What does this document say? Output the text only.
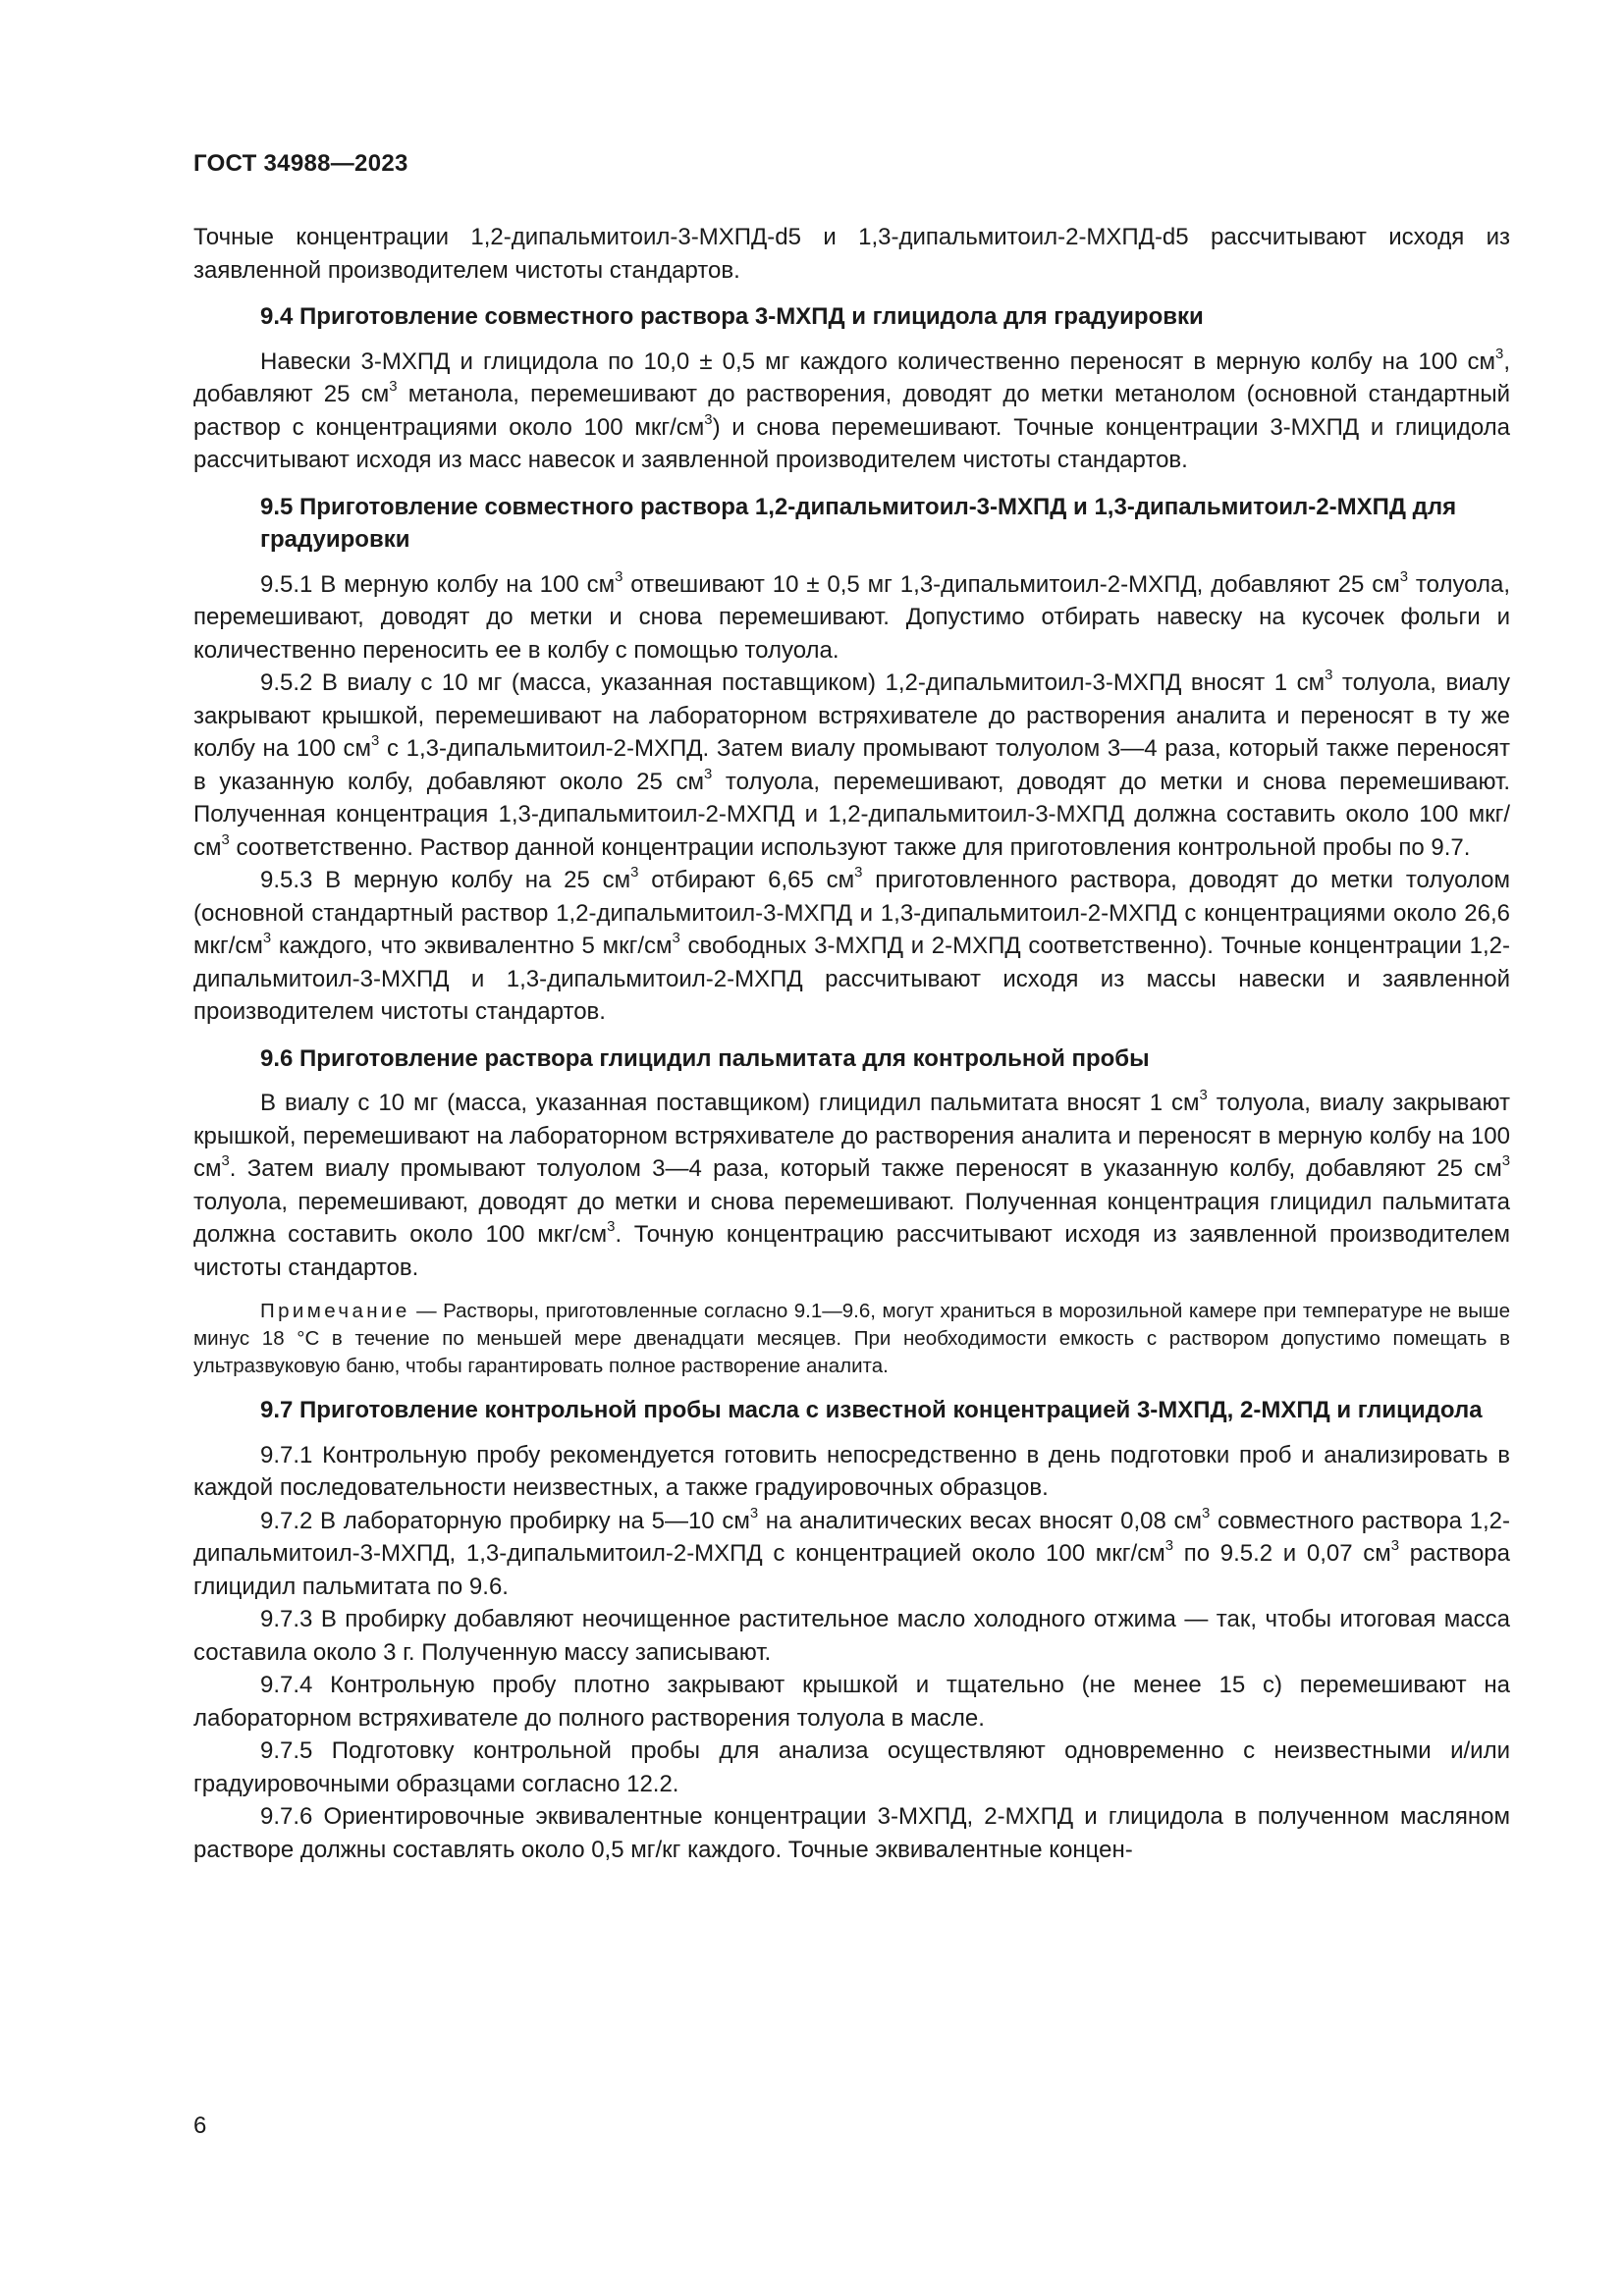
ГОСТ 34988—2023

Точные концентрации 1,2-дипальмитоил-3-МХПД-d5 и 1,3-дипальмитоил-2-МХПД-d5 рассчитывают исходя из заявленной производителем чистоты стандартов.

9.4 Приготовление совместного раствора 3-МХПД и глицидола для градуировки

Навески 3-МХПД и глицидола по 10,0 ± 0,5 мг каждого количественно переносят в мерную колбу на 100 $см^3$, добавляют 25 $см^3$ метанола, перемешивают до растворения, доводят до метки метанолом (основной стандартный раствор с концентрациями около 100 мкг/$см^3$) и снова перемешивают. Точные концентрации 3-МХПД и глицидола рассчитывают исходя из масс навесок и заявленной производителем чистоты стандартов.

9.5 Приготовление совместного раствора 1,2-дипальмитоил-3-МХПД и 1,3-дипальмитоил-2-МХПД для градуировки

9.5.1 В мерную колбу на 100 $см^3$ отвешивают 10 ± 0,5 мг 1,3-дипальмитоил-2-МХПД, добавляют 25 $см^3$ толуола, перемешивают, доводят до метки и снова перемешивают. Допустимо отбирать навеску на кусочек фольги и количественно переносить ее в колбу с помощью толуола.

9.5.2 В виалу с 10 мг (масса, указанная поставщиком) 1,2-дипальмитоил-3-МХПД вносят 1 $см^3$ толуола, виалу закрывают крышкой, перемешивают на лабораторном встряхивателе до растворения аналита и переносят в ту же колбу на 100 $см^3$ с 1,3-дипальмитоил-2-МХПД. Затем виалу промывают толуолом 3—4 раза, который также переносят в указанную колбу, добавляют около 25 $см^3$ толуола, перемешивают, доводят до метки и снова перемешивают. Полученная концентрация 1,3-дипальмитоил-2-МХПД и 1,2-дипальмитоил-3-МХПД должна составить около 100 мкг/$см^3$ соответственно. Раствор данной концентрации используют также для приготовления контрольной пробы по 9.7.

9.5.3 В мерную колбу на 25 $см^3$ отбирают 6,65 $см^3$ приготовленного раствора, доводят до метки толуолом (основной стандартный раствор 1,2-дипальмитоил-3-МХПД и 1,3-дипальмитоил-2-МХПД с концентрациями около 26,6 мкг/$см^3$ каждого, что эквивалентно 5 мкг/$см^3$ свободных 3-МХПД и 2-МХПД соответственно). Точные концентрации 1,2-дипальмитоил-3-МХПД и 1,3-дипальмитоил-2-МХПД рассчитывают исходя из массы навески и заявленной производителем чистоты стандартов.

9.6 Приготовление раствора глицидил пальмитата для контрольной пробы

В виалу с 10 мг (масса, указанная поставщиком) глицидил пальмитата вносят 1 $см^3$ толуола, виалу закрывают крышкой, перемешивают на лабораторном встряхивателе до растворения аналита и переносят в мерную колбу на 100 $см^3$. Затем виалу промывают толуолом 3—4 раза, который также переносят в указанную колбу, добавляют 25 $см^3$ толуола, перемешивают, доводят до метки и снова перемешивают. Полученная концентрация глицидил пальмитата должна составить около 100 мкг/$см^3$. Точную концентрацию рассчитывают исходя из заявленной производителем чистоты стандартов.

Примечание — Растворы, приготовленные согласно 9.1—9.6, могут храниться в морозильной камере при температуре не выше минус 18 °С в течение по меньшей мере двенадцати месяцев. При необходимости емкость с раствором допустимо помещать в ультразвуковую баню, чтобы гарантировать полное растворение аналита.

9.7 Приготовление контрольной пробы масла с известной концентрацией 3-МХПД, 2-МХПД и глицидола

9.7.1 Контрольную пробу рекомендуется готовить непосредственно в день подготовки проб и анализировать в каждой последовательности неизвестных, а также градуировочных образцов.

9.7.2 В лабораторную пробирку на 5—10 $см^3$ на аналитических весах вносят 0,08 $см^3$ совместного раствора 1,2-дипальмитоил-3-МХПД, 1,3-дипальмитоил-2-МХПД с концентрацией около 100 мкг/$см^3$ по 9.5.2 и 0,07 $см^3$ раствора глицидил пальмитата по 9.6.

9.7.3 В пробирку добавляют неочищенное растительное масло холодного отжима — так, чтобы итоговая масса составила около 3 г. Полученную массу записывают.

9.7.4 Контрольную пробу плотно закрывают крышкой и тщательно (не менее 15 с) перемешивают на лабораторном встряхивателе до полного растворения толуола в масле.

9.7.5 Подготовку контрольной пробы для анализа осуществляют одновременно с неизвестными и/или градуировочными образцами согласно 12.2.

9.7.6 Ориентировочные эквивалентные концентрации 3-МХПД, 2-МХПД и глицидола в полученном масляном растворе должны составлять около 0,5 мг/кг каждого. Точные эквивалентные концен-

6
